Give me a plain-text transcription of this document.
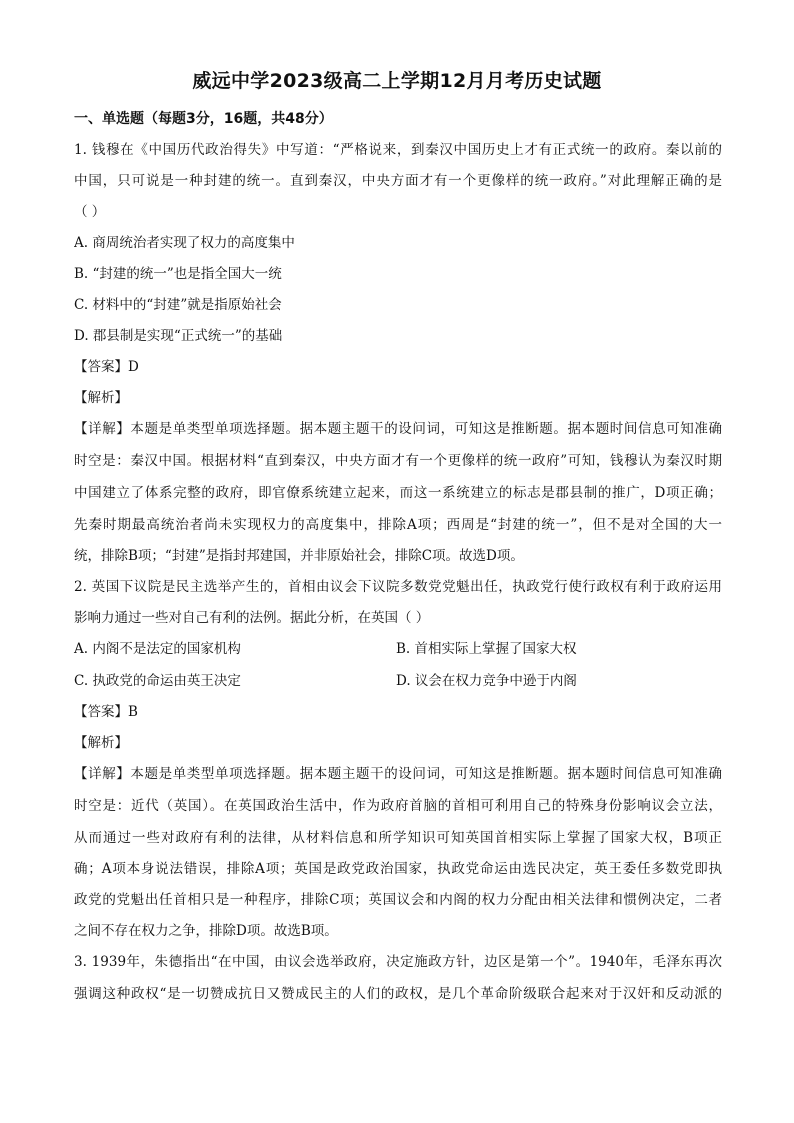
威远中学2023级高二上学期12月月考历史试题
一、单选题（每题3分，16题，共48分）
1. 钱穆在《中国历代政治得失》中写道：“严格说来，到秦汉中国历史上才有正式统一的政府。秦以前的
中国，只可说是一种封建的统一。直到秦汉，中央方面才有一个更像样的统一政府。”对此理解正确的是
（ ）
A. 商周统治者实现了权力的高度集中
B. “封建的统一”也是指全国大一统
C. 材料中的“封建”就是指原始社会
D. 郡县制是实现“正式统一”的基础
【答案】D
【解析】
【详解】本题是单类型单项选择题。据本题主题干的设问词，可知这是推断题。据本题时间信息可知准确
时空是：秦汉中国。根据材料“直到秦汉，中央方面才有一个更像样的统一政府”可知，钱穆认为秦汉时期
中国建立了体系完整的政府，即官僚系统建立起来，而这一系统建立的标志是郡县制的推广，D项正确；
先秦时期最高统治者尚未实现权力的高度集中，排除A项；西周是“封建的统一”，但不是对全国的大一
统，排除B项；“封建”是指封邦建国，并非原始社会，排除C项。故选D项。
2. 英国下议院是民主选举产生的，首相由议会下议院多数党党魁出任，执政党行使行政权有利于政府运用
影响力通过一些对自己有利的法例。据此分析，在英国（ ）
A. 内阁不是法定的国家机构	B. 首相实际上掌握了国家大权
C. 执政党的命运由英王决定	D. 议会在权力竞争中逊于内阁
【答案】B
【解析】
【详解】本题是单类型单项选择题。据本题主题干的设问词，可知这是推断题。据本题时间信息可知准确
时空是：近代（英国）。在英国政治生活中，作为政府首脑的首相可利用自己的特殊身份影响议会立法，
从而通过一些对政府有利的法律，从材料信息和所学知识可知英国首相实际上掌握了国家大权，B项正
确；A项本身说法错误，排除A项；英国是政党政治国家，执政党命运由选民决定，英王委任多数党即执
政党的党魁出任首相只是一种程序，排除C项；英国议会和内阁的权力分配由相关法律和惯例决定，二者
之间不存在权力之争，排除D项。故选B项。
3. 1939年，朱德指出“在中国，由议会选举政府，决定施政方针，边区是第一个”。1940年，毛泽东再次
强调这种政权“是一切赞成抗日又赞成民主的人们的政权，是几个革命阶级联合起来对于汉奸和反动派的
